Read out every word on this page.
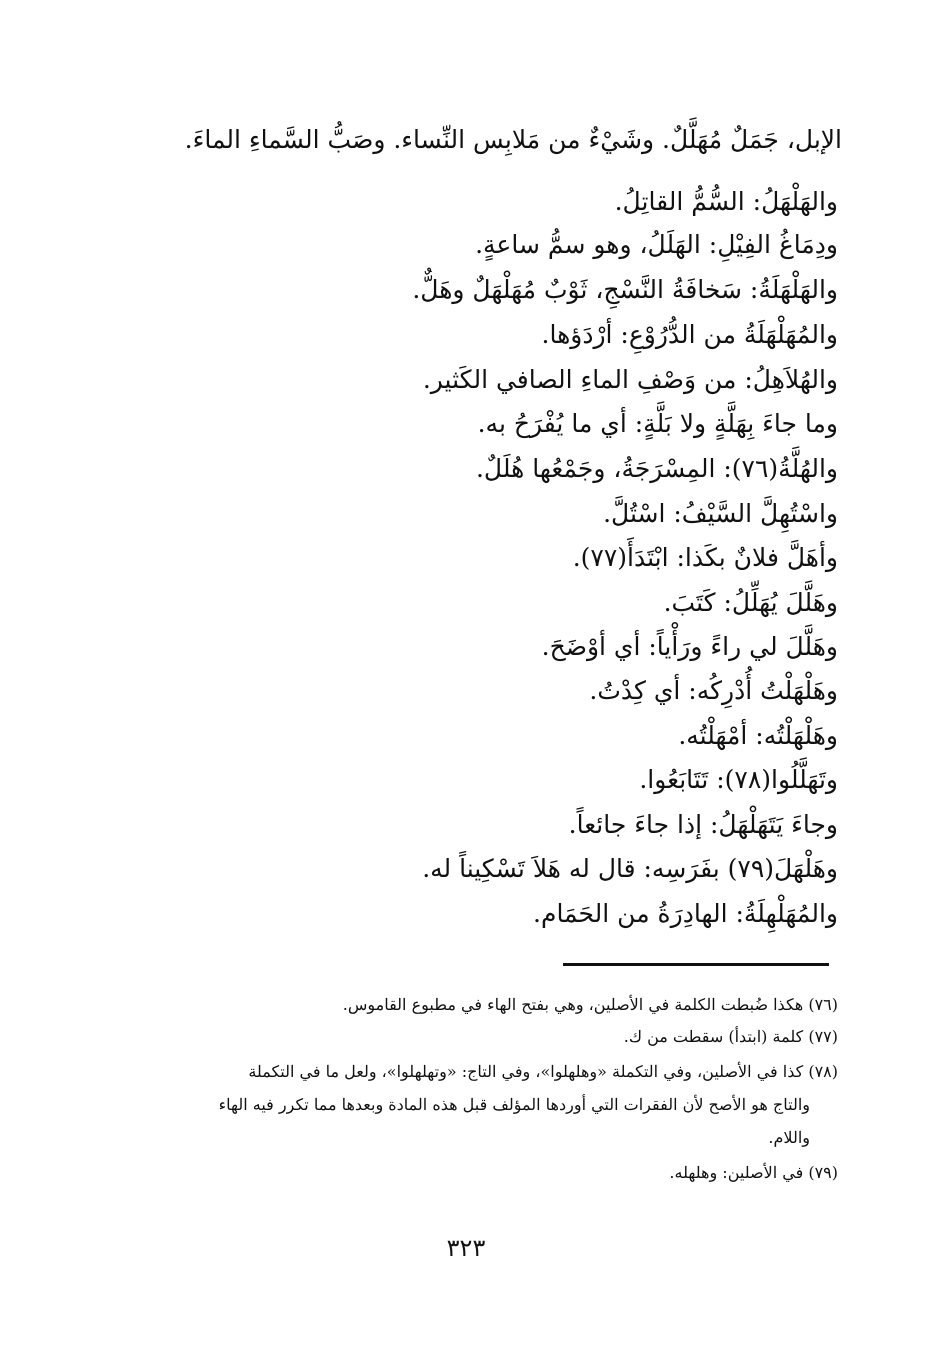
الإبل، جَمَلٌ مُهَلَّلٌ. وشَيْءٌ من مَلابِس النِّساء. وصَبُّ السَّماءِ الماءَ.
والهَلْهَلُ: السُّمُّ القاتِلُ.
ودِمَاغُ الفِيْلِ: الهَلَلُ، وهو سمُّ ساعةٍ.
والهَلْهَلَةُ: سَخافَةُ النَّسْجِ، ثَوْبٌ مُهَلْهَلٌ وهَلٌّ.
والمُهَلْهَلَةُ من الدُّرُوْعِ: أرْدَؤها.
والهُلاَهِلُ: من وَصْفِ الماءِ الصافي الكَثير.
وما جاءَ بِهَلَّةٍ ولا بَلَّةٍ: أي ما يُفْرَحُ به.
والهُلَّةُ(٧٦): المِسْرَجَةُ، وجَمْعُها هُلَلٌ.
واسْتُهِلَّ السَّيْفُ: اسْتُلَّ.
وأهَلَّ فلانٌ بكَذا: ابْتَدَأَ(٧٧).
وهَلَّلَ يُهَلِّلُ: كَتَبَ.
وهَلَّلَ لي راءً ورَأْياً: أي أوْضَحَ.
وهَلْهَلْتُ أُدْرِكُه: أي كِدْتُ.
وهَلْهَلْتُه: أمْهَلْتُه.
وتَهَلَّلُوا(٧٨): تَتَابَعُوا.
وجاءَ يَتَهَلْهَلُ: إذا جاءَ جائعاً.
وهَلْهَلَ(٧٩) بفَرَسِه: قال له هَلاَ تَسْكِيناً له.
والمُهَلْهِلَةُ: الهادِرَةُ من الحَمَام.
(٧٦) هكذا ضُبطت الكلمة في الأصلين، وهي بفتح الهاء في مطبوع القاموس.
(٧٧) كلمة (ابتدأ) سقطت من ك.
(٧٨) كذا في الأصلين، وفي التكملة «وهلهلوا»، وفي التاج: «وتهلهلوا»، ولعل ما في التكملة
والتاج هو الأصح لأن الفقرات التي أوردها المؤلف قبل هذه المادة وبعدها مما تكرر فيه الهاء
واللام.
(٧٩) في الأصلين: وهلهله.
٣٢٣
